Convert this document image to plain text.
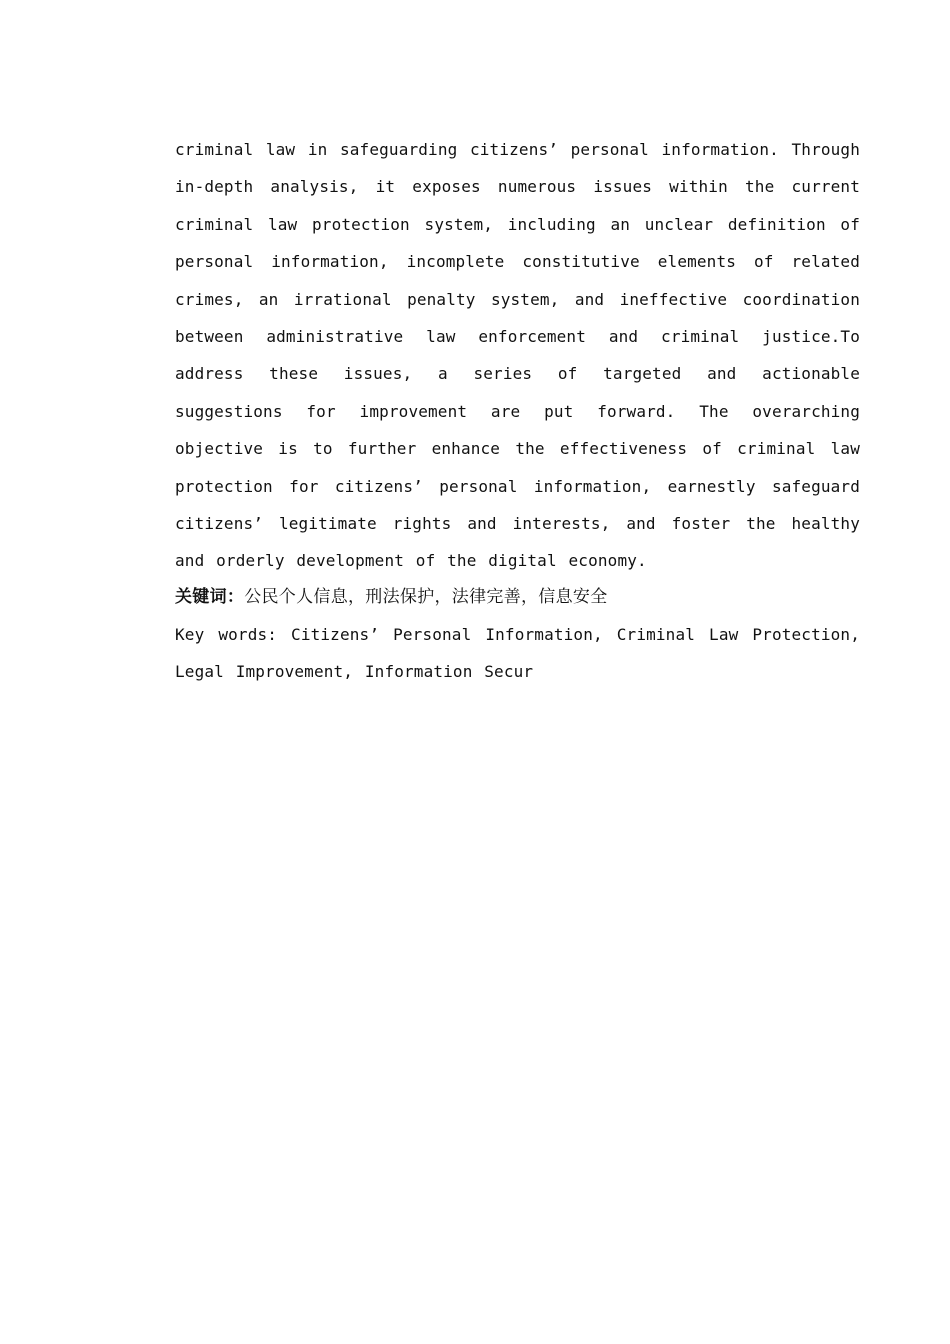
criminal law in safeguarding citizens’ personal information. Through in-depth analysis, it exposes numerous issues within the current criminal law protection system, including an unclear definition of personal information, incomplete constitutive elements of related crimes, an irrational penalty system, and ineffective coordination between administrative law enforcement and criminal justice.To address these issues, a series of targeted and actionable suggestions for improvement are put forward. The overarching objective is to further enhance the effectiveness of criminal law protection for citizens’ personal information, earnestly safeguard citizens’ legitimate rights and interests, and foster the healthy and orderly development of the digital economy.

关键词：公民个人信息，刑法保护，法律完善，信息安全

Key words: Citizens’ Personal Information, Criminal Law Protection, Legal Improvement, Information Secur
